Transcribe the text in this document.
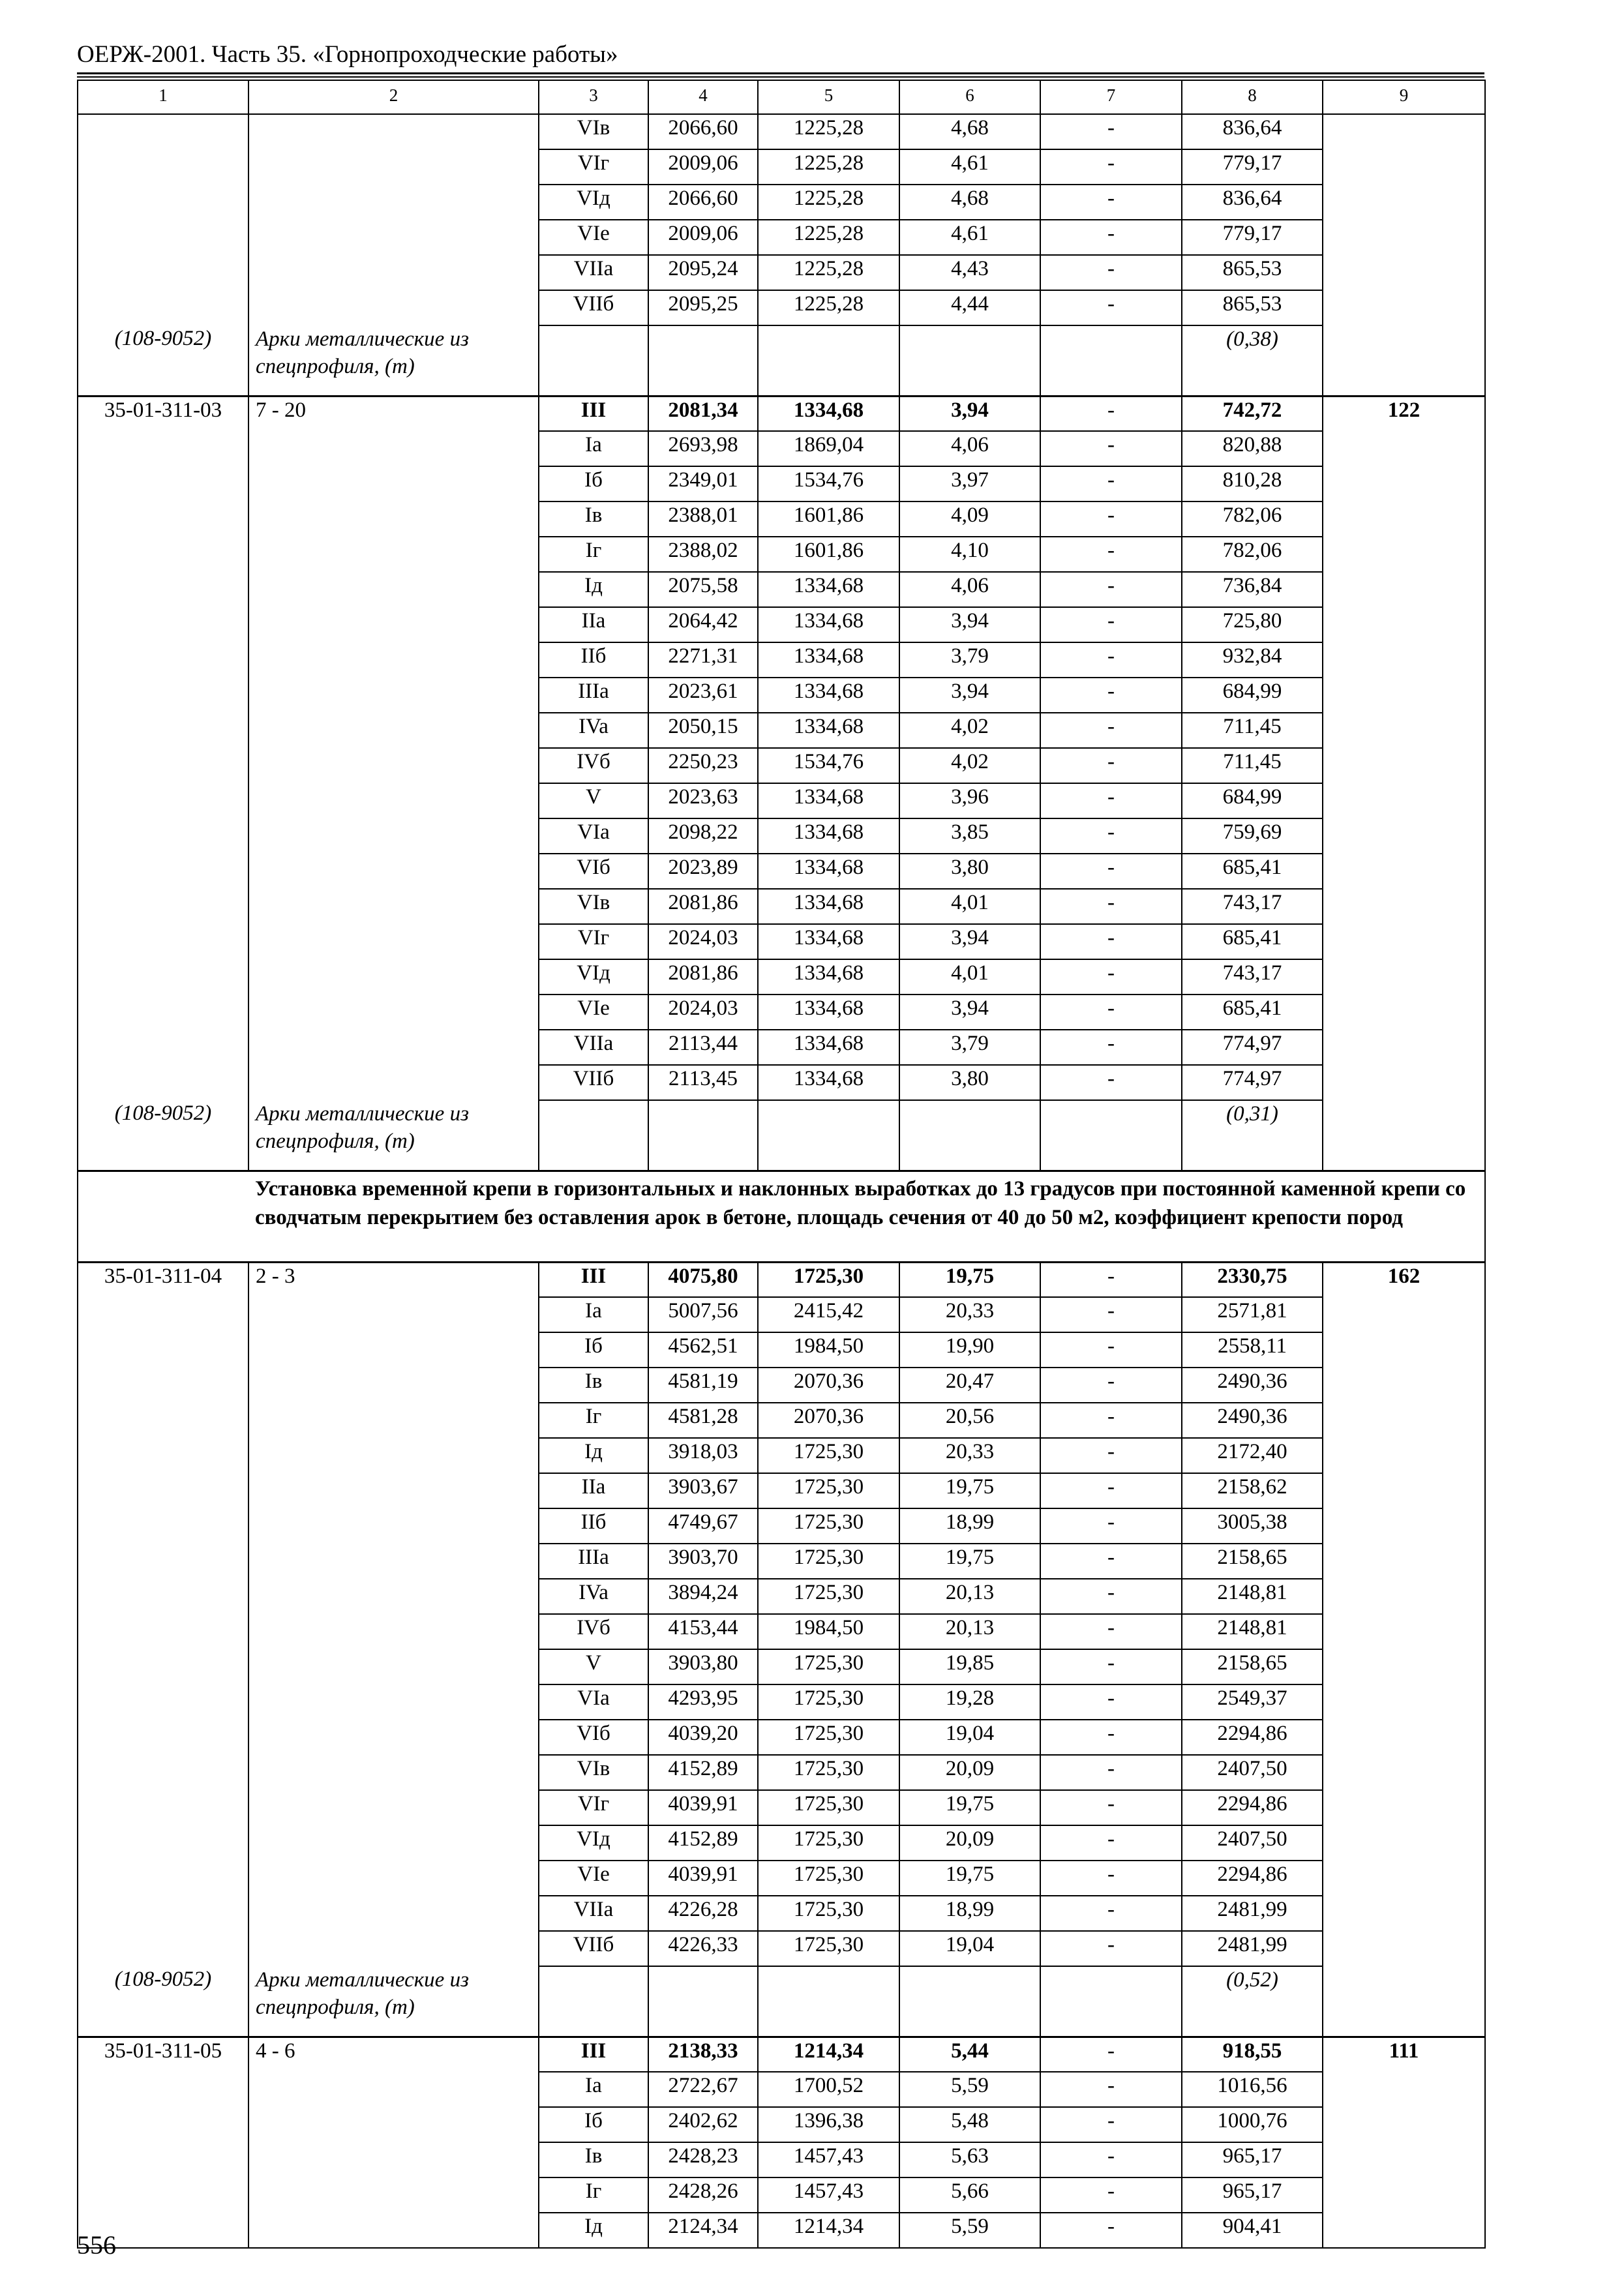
ОЕРЖ-2001. Часть 35. «Горнопроходческие работы»
1	2	3	4	5	6	7	8	9
		VIв	2066,60	1225,28	4,68	-	836,64	
		VIг	2009,06	1225,28	4,61	-	779,17	
		VIд	2066,60	1225,28	4,68	-	836,64	
		VIе	2009,06	1225,28	4,61	-	779,17	
		VIIa	2095,24	1225,28	4,43	-	865,53	
		VIIб	2095,25	1225,28	4,44	-	865,53	
(108-9052)	Арки металлические из спецпрофиля, (т)						(0,38)	
35-01-311-03	7 - 20	III	2081,34	1334,68	3,94	-	742,72	122
		Ia	2693,98	1869,04	4,06	-	820,88	
		Iб	2349,01	1534,76	3,97	-	810,28	
		Iв	2388,01	1601,86	4,09	-	782,06	
		Iг	2388,02	1601,86	4,10	-	782,06	
		Iд	2075,58	1334,68	4,06	-	736,84	
		IIa	2064,42	1334,68	3,94	-	725,80	
		IIб	2271,31	1334,68	3,79	-	932,84	
		IIIa	2023,61	1334,68	3,94	-	684,99	
		IVa	2050,15	1334,68	4,02	-	711,45	
		IVб	2250,23	1534,76	4,02	-	711,45	
		V	2023,63	1334,68	3,96	-	684,99	
		VIa	2098,22	1334,68	3,85	-	759,69	
		VIб	2023,89	1334,68	3,80	-	685,41	
		VIв	2081,86	1334,68	4,01	-	743,17	
		VIг	2024,03	1334,68	3,94	-	685,41	
		VIд	2081,86	1334,68	4,01	-	743,17	
		VIе	2024,03	1334,68	3,94	-	685,41	
		VIIa	2113,44	1334,68	3,79	-	774,97	
		VIIб	2113,45	1334,68	3,80	-	774,97	
(108-9052)	Арки металлические из спецпрофиля, (т)						(0,31)	
	Установка временной крепи в горизонтальных и наклонных выработках до 13 градусов при постоянной каменной крепи со сводчатым перекрытием без оставления арок в бетоне, площадь сечения от 40 до 50 м2, коэффициент крепости пород							
35-01-311-04	2 - 3	III	4075,80	1725,30	19,75	-	2330,75	162
		Ia	5007,56	2415,42	20,33	-	2571,81	
		Iб	4562,51	1984,50	19,90	-	2558,11	
		Iв	4581,19	2070,36	20,47	-	2490,36	
		Iг	4581,28	2070,36	20,56	-	2490,36	
		Iд	3918,03	1725,30	20,33	-	2172,40	
		IIa	3903,67	1725,30	19,75	-	2158,62	
		IIб	4749,67	1725,30	18,99	-	3005,38	
		IIIa	3903,70	1725,30	19,75	-	2158,65	
		IVa	3894,24	1725,30	20,13	-	2148,81	
		IVб	4153,44	1984,50	20,13	-	2148,81	
		V	3903,80	1725,30	19,85	-	2158,65	
		VIa	4293,95	1725,30	19,28	-	2549,37	
		VIб	4039,20	1725,30	19,04	-	2294,86	
		VIв	4152,89	1725,30	20,09	-	2407,50	
		VIг	4039,91	1725,30	19,75	-	2294,86	
		VIд	4152,89	1725,30	20,09	-	2407,50	
		VIе	4039,91	1725,30	19,75	-	2294,86	
		VIIa	4226,28	1725,30	18,99	-	2481,99	
		VIIб	4226,33	1725,30	19,04	-	2481,99	
(108-9052)	Арки металлические из спецпрофиля, (т)						(0,52)	
35-01-311-05	4 - 6	III	2138,33	1214,34	5,44	-	918,55	111
		Ia	2722,67	1700,52	5,59	-	1016,56	
		Iб	2402,62	1396,38	5,48	-	1000,76	
		Iв	2428,23	1457,43	5,63	-	965,17	
		Iг	2428,26	1457,43	5,66	-	965,17	
		Iд	2124,34	1214,34	5,59	-	904,41	
556
